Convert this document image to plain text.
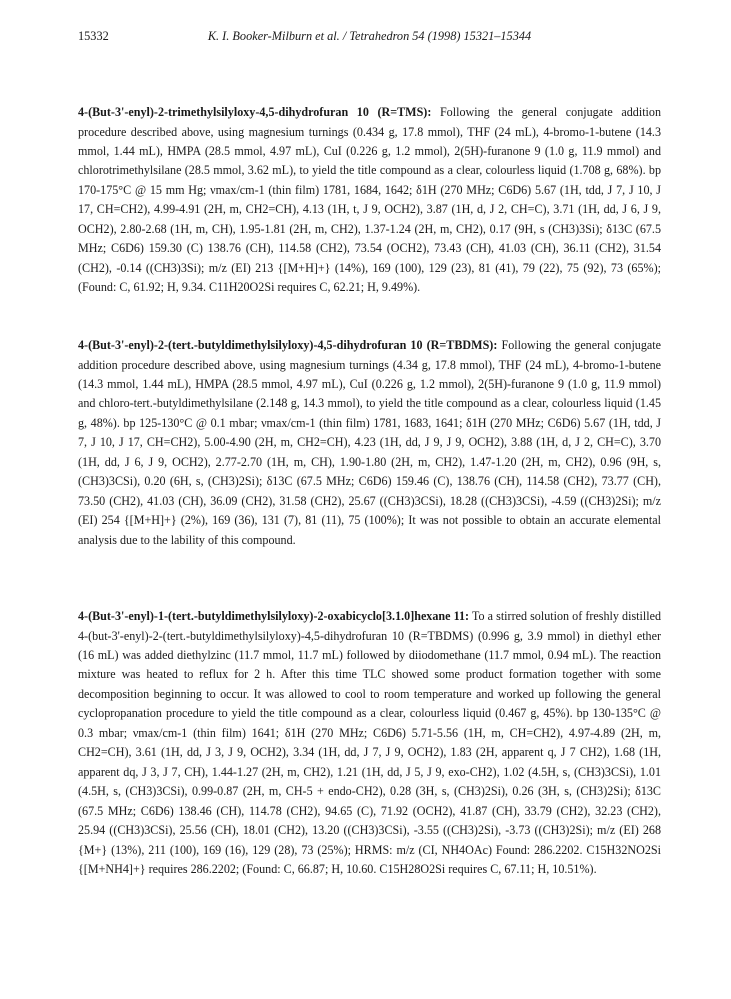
15332	K. I. Booker-Milburn et al. / Tetrahedron 54 (1998) 15321–15344

4-(But-3'-enyl)-2-trimethylsilyloxy-4,5-dihydrofuran 10 (R=TMS): Following the general conjugate addition procedure described above, using magnesium turnings (0.434 g, 17.8 mmol), THF (24 mL), 4-bromo-1-butene (14.3 mmol, 1.44 mL), HMPA (28.5 mmol, 4.97 mL), CuI (0.226 g, 1.2 mmol), 2(5H)-furanone 9 (1.0 g, 11.9 mmol) and chlorotrimethylsilane (28.5 mmol, 3.62 mL), to yield the title compound as a clear, colourless liquid (1.708 g, 68%). bp 170-175°C @ 15 mm Hg; νmax/cm-1 (thin film) 1781, 1684, 1642; δ1H (270 MHz; C6D6) 5.67 (1H, tdd, J 7, J 10, J 17, CH=CH2), 4.99-4.91 (2H, m, CH2=CH), 4.13 (1H, t, J 9, OCH2), 3.87 (1H, d, J 2, CH=C), 3.71 (1H, dd, J 6, J 9, OCH2), 2.80-2.68 (1H, m, CH), 1.95-1.81 (2H, m, CH2), 1.37-1.24 (2H, m, CH2), 0.17 (9H, s (CH3)3Si); δ13C (67.5 MHz; C6D6) 159.30 (C) 138.76 (CH), 114.58 (CH2), 73.54 (OCH2), 73.43 (CH), 41.03 (CH), 36.11 (CH2), 31.54 (CH2), -0.14 ((CH3)3Si); m/z (EI) 213 {[M+H]+} (14%), 169 (100), 129 (23), 81 (41), 79 (22), 75 (92), 73 (65%); (Found: C, 61.92; H, 9.34. C11H20O2Si requires C, 62.21; H, 9.49%).

4-(But-3'-enyl)-2-(tert.-butyldimethylsilyloxy)-4,5-dihydrofuran 10 (R=TBDMS): Following the general conjugate addition procedure described above, using magnesium turnings (4.34 g, 17.8 mmol), THF (24 mL), 4-bromo-1-butene (14.3 mmol, 1.44 mL), HMPA (28.5 mmol, 4.97 mL), CuI (0.226 g, 1.2 mmol), 2(5H)-furanone 9 (1.0 g, 11.9 mmol) and chloro-tert.-butyldimethylsilane (2.148 g, 14.3 mmol), to yield the title compound as a clear, colourless liquid (1.45 g, 48%). bp 125-130°C @ 0.1 mbar; νmax/cm-1 (thin film) 1781, 1683, 1641; δ1H (270 MHz; C6D6) 5.67 (1H, tdd, J 7, J 10, J 17, CH=CH2), 5.00-4.90 (2H, m, CH2=CH), 4.23 (1H, dd, J 9, J 9, OCH2), 3.88 (1H, d, J 2, CH=C), 3.70 (1H, dd, J 6, J 9, OCH2), 2.77-2.70 (1H, m, CH), 1.90-1.80 (2H, m, CH2), 1.47-1.20 (2H, m, CH2), 0.96 (9H, s, (CH3)3CSi), 0.20 (6H, s, (CH3)2Si); δ13C (67.5 MHz; C6D6) 159.46 (C), 138.76 (CH), 114.58 (CH2), 73.77 (CH), 73.50 (CH2), 41.03 (CH), 36.09 (CH2), 31.58 (CH2), 25.67 ((CH3)3CSi), 18.28 ((CH3)3CSi), -4.59 ((CH3)2Si); m/z (EI) 254 {[M+H]+} (2%), 169 (36), 131 (7), 81 (11), 75 (100%); It was not possible to obtain an accurate elemental analysis due to the lability of this compound.

4-(But-3'-enyl)-1-(tert.-butyldimethylsilyloxy)-2-oxabicyclo[3.1.0]hexane 11: To a stirred solution of freshly distilled 4-(but-3'-enyl)-2-(tert.-butyldimethylsilyloxy)-4,5-dihydrofuran 10 (R=TBDMS) (0.996 g, 3.9 mmol) in diethyl ether (16 mL) was added diethylzinc (11.7 mmol, 11.7 mL) followed by diiodomethane (11.7 mmol, 0.94 mL). The reaction mixture was heated to reflux for 2 h. After this time TLC showed some product formation together with some decomposition beginning to occur. It was allowed to cool to room temperature and worked up following the general cyclopropanation procedure to yield the title compound as a clear, colourless liquid (0.467 g, 45%). bp 130-135°C @ 0.3 mbar; νmax/cm-1 (thin film) 1641; δ1H (270 MHz; C6D6) 5.71-5.56 (1H, m, CH=CH2), 4.97-4.89 (2H, m, CH2=CH), 3.61 (1H, dd, J 3, J 9, OCH2), 3.34 (1H, dd, J 7, J 9, OCH2), 1.83 (2H, apparent q, J 7 CH2), 1.68 (1H, apparent dq, J 3, J 7, CH), 1.44-1.27 (2H, m, CH2), 1.21 (1H, dd, J 5, J 9, exo-CH2), 1.02 (4.5H, s, (CH3)3CSi), 1.01 (4.5H, s, (CH3)3CSi), 0.99-0.87 (2H, m, CH-5 + endo-CH2), 0.28 (3H, s, (CH3)2Si), 0.26 (3H, s, (CH3)2Si); δ13C (67.5 MHz; C6D6) 138.46 (CH), 114.78 (CH2), 94.65 (C), 71.92 (OCH2), 41.87 (CH), 33.79 (CH2), 32.23 (CH2), 25.94 ((CH3)3CSi), 25.56 (CH), 18.01 (CH2), 13.20 ((CH3)3CSi), -3.55 ((CH3)2Si), -3.73 ((CH3)2Si); m/z (EI) 268 {M+} (13%), 211 (100), 169 (16), 129 (28), 73 (25%); HRMS: m/z (CI, NH4OAc) Found: 286.2202. C15H32NO2Si {[M+NH4]+} requires 286.2202; (Found: C, 66.87; H, 10.60. C15H28O2Si requires C, 67.11; H, 10.51%).
